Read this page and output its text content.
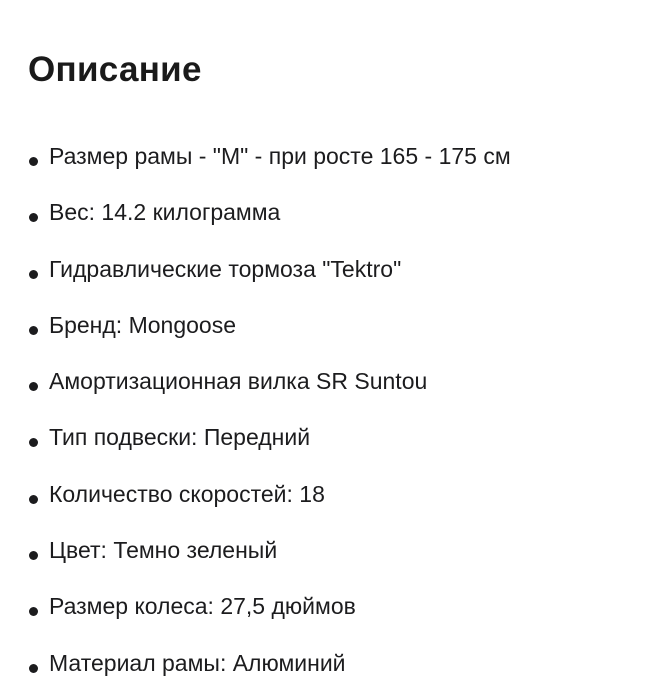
Описание
Размер рамы - "M" - при росте 165 - 175 см
Вес: 14.2 килограмма
Гидравлические тормоза "Tektro"
Бренд: Mongoose
Амортизационная вилка SR Suntou
Тип подвески: Передний
Количество скоростей: 18
Цвет: Темно зеленый
Размер колеса: 27,5 дюймов
Материал рамы: Алюминий
